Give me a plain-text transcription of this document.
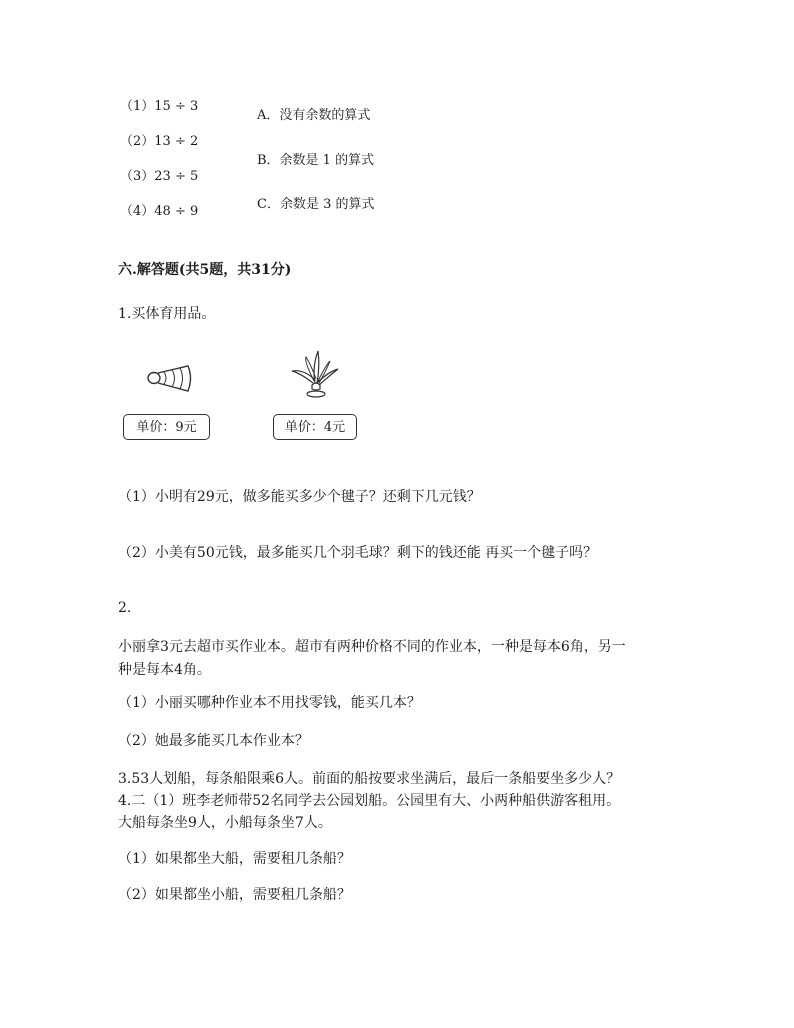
（1）15 ÷ 3
（2）13 ÷ 2
（3）23 ÷ 5
（4）48 ÷ 9
A．没有余数的算式
B．余数是 1 的算式
C．余数是 3 的算式
六.解答题(共5题，共31分)
1.买体育用品。
单价：9元	单价：4元
（1）小明有29元，做多能买多少个毽子？还剩下几元钱？
（2）小美有50元钱，最多能买几个羽毛球？剩下的钱还能 再买一个毽子吗？
2.
小丽拿3元去超市买作业本。超市有两种价格不同的作业本，一种是每本6角，另一
种是每本4角。
（1）小丽买哪种作业本不用找零钱，能买几本？
（2）她最多能买几本作业本？
3.53人划船，每条船限乘6人。前面的船按要求坐满后，最后一条船要坐多少人？
4.二（1）班李老师带52名同学去公园划船。公园里有大、小两种船供游客租用。
大船每条坐9人，小船每条坐7人。
（1）如果都坐大船，需要租几条船？
（2）如果都坐小船，需要租几条船？
